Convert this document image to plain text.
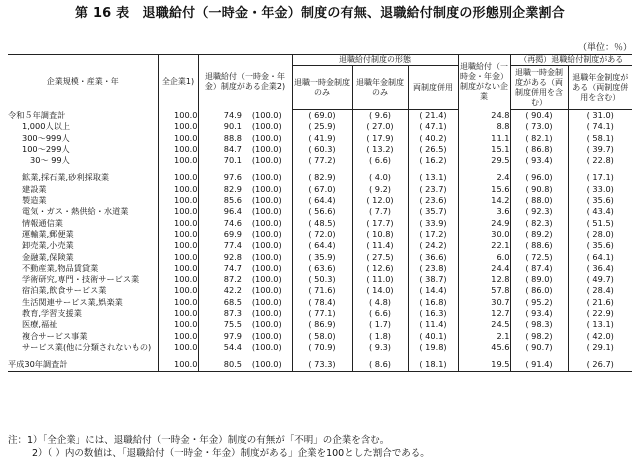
第 16 表　退職給付（一時金・年金）制度の有無、退職給付制度の形態別企業割合
（単位：％）
企業規模・産業・年	全企業1)	退職給付（一時金・年金）制度がある企業2)		退職給付制度の形態			退職給付（一時金・年金）制度がない企業	（再掲）退職給付制度がある	
				退職一時金制度のみ	退職年金制度のみ	両制度併用		退職一時金制度がある（両制度併用を含む）	退職年金制度がある（両制度併用を含む）
令和５年調査計	100.0	74.9	(100.0)	( 69.0)	( 9.6)	( 21.4)	24.8	( 90.4)	( 31.0)
1,000人以上	100.0	90.1	(100.0)	( 25.9)	( 27.0)	( 47.1)	8.8	( 73.0)	( 74.1)
300～999人	100.0	88.8	(100.0)	( 41.9)	( 17.9)	( 40.2)	11.1	( 82.1)	( 58.1)
100～299人	100.0	84.7	(100.0)	( 60.3)	( 13.2)	( 26.5)	15.1	( 86.8)	( 39.7)
30～ 99人	100.0	70.1	(100.0)	( 77.2)	( 6.6)	( 16.2)	29.5	( 93.4)	( 22.8)

鉱業,採石業,砂利採取業	100.0	97.6	(100.0)	( 82.9)	( 4.0)	( 13.1)	2.4	( 96.0)	( 17.1)
建設業	100.0	82.9	(100.0)	( 67.0)	( 9.2)	( 23.7)	15.6	( 90.8)	( 33.0)
製造業	100.0	85.6	(100.0)	( 64.4)	( 12.0)	( 23.6)	14.2	( 88.0)	( 35.6)
電気・ガス・熱供給・水道業	100.0	96.4	(100.0)	( 56.6)	( 7.7)	( 35.7)	3.6	( 92.3)	( 43.4)
情報通信業	100.0	74.6	(100.0)	( 48.5)	( 17.7)	( 33.9)	24.9	( 82.3)	( 51.5)
運輸業,郵便業	100.0	69.9	(100.0)	( 72.0)	( 10.8)	( 17.2)	30.0	( 89.2)	( 28.0)
卸売業,小売業	100.0	77.4	(100.0)	( 64.4)	( 11.4)	( 24.2)	22.1	( 88.6)	( 35.6)
金融業,保険業	100.0	92.8	(100.0)	( 35.9)	( 27.5)	( 36.6)	6.0	( 72.5)	( 64.1)
不動産業,物品賃貸業	100.0	74.7	(100.0)	( 63.6)	( 12.6)	( 23.8)	24.4	( 87.4)	( 36.4)
学術研究,専門・技術サービス業	100.0	87.2	(100.0)	( 50.3)	( 11.0)	( 38.7)	12.8	( 89.0)	( 49.7)
宿泊業,飲食サービス業	100.0	42.2	(100.0)	( 71.6)	( 14.0)	( 14.4)	57.8	( 86.0)	( 28.4)
生活関連サービス業,娯楽業	100.0	68.5	(100.0)	( 78.4)	( 4.8)	( 16.8)	30.7	( 95.2)	( 21.6)
教育,学習支援業	100.0	87.3	(100.0)	( 77.1)	( 6.6)	( 16.3)	12.7	( 93.4)	( 22.9)
医療,福祉	100.0	75.5	(100.0)	( 86.9)	( 1.7)	( 11.4)	24.5	( 98.3)	( 13.1)
複合サービス事業	100.0	97.9	(100.0)	( 58.0)	( 1.8)	( 40.1)	2.1	( 98.2)	( 42.0)
サービス業(他に分類されないもの)	100.0	54.4	(100.0)	( 70.9)	( 9.3)	( 19.8)	45.6	( 90.7)	( 29.1)

平成30年調査計	100.0	80.5	(100.0)	( 73.3)	( 8.6)	( 18.1)	19.5	( 91.4)	( 26.7)
注：1）「全企業」には、退職給付（一時金・年金）制度の有無が「不明」の企業を含む。
2）（ ）内の数値は、「退職給付（一時金・年金）制度がある」企業を100とした割合である。
